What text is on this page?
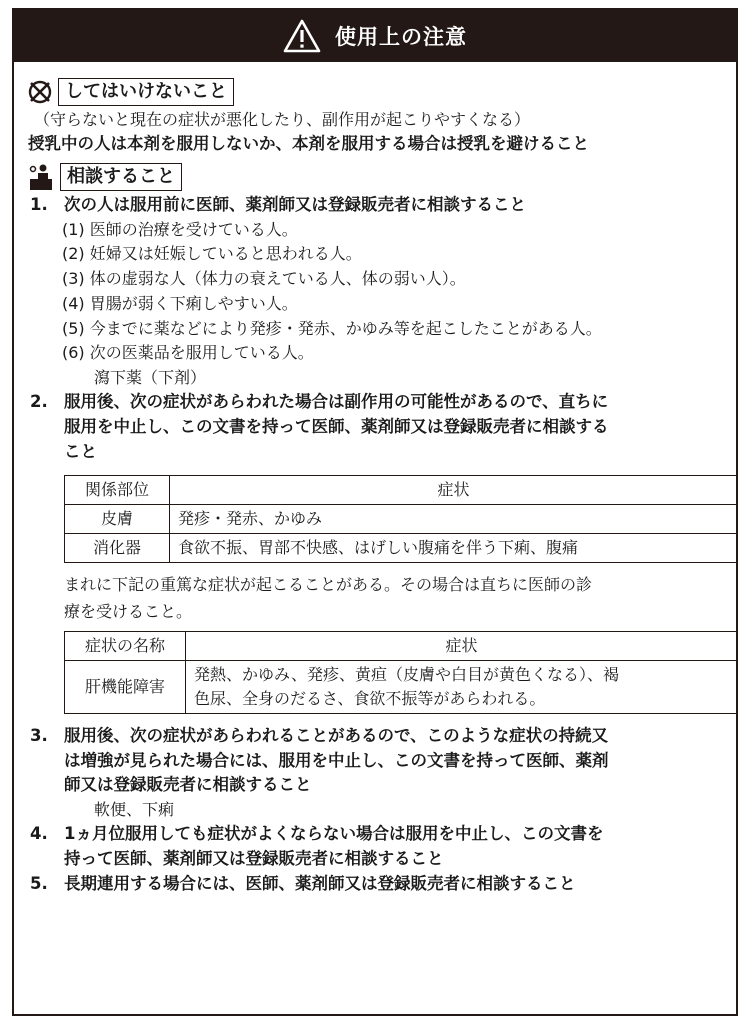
使用上の注意
してはいけないこと
（守らないと現在の症状が悪化したり、副作用が起こりやすくなる）
授乳中の人は本剤を服用しないか、本剤を服用する場合は授乳を避けること
相談すること
1. 次の人は服用前に医師、薬剤師又は登録販売者に相談すること
(1) 医師の治療を受けている人。
(2) 妊婦又は妊娠していると思われる人。
(3) 体の虚弱な人（体力の衰えている人、体の弱い人）。
(4) 胃腸が弱く下痢しやすい人。
(5) 今までに薬などにより発疹・発赤、かゆみ等を起こしたことがある人。
(6) 次の医薬品を服用している人。
瀉下薬（下剤）
2. 服用後、次の症状があらわれた場合は副作用の可能性があるので、直ちに
服用を中止し、この文書を持って医師、薬剤師又は登録販売者に相談する
こと
関係部位	症状
皮膚	発疹・発赤、かゆみ
消化器	食欲不振、胃部不快感、はげしい腹痛を伴う下痢、腹痛
まれに下記の重篤な症状が起こることがある。その場合は直ちに医師の診
療を受けること。
症状の名称	症状
肝機能障害	発熱、かゆみ、発疹、黄疸（皮膚や白目が黄色くなる）、褐
色尿、全身のだるさ、食欲不振等があらわれる。
3. 服用後、次の症状があらわれることがあるので、このような症状の持続又
は増強が見られた場合には、服用を中止し、この文書を持って医師、薬剤
師又は登録販売者に相談すること
軟便、下痢
4. 1ヵ月位服用しても症状がよくならない場合は服用を中止し、この文書を
持って医師、薬剤師又は登録販売者に相談すること
5. 長期連用する場合には、医師、薬剤師又は登録販売者に相談すること
